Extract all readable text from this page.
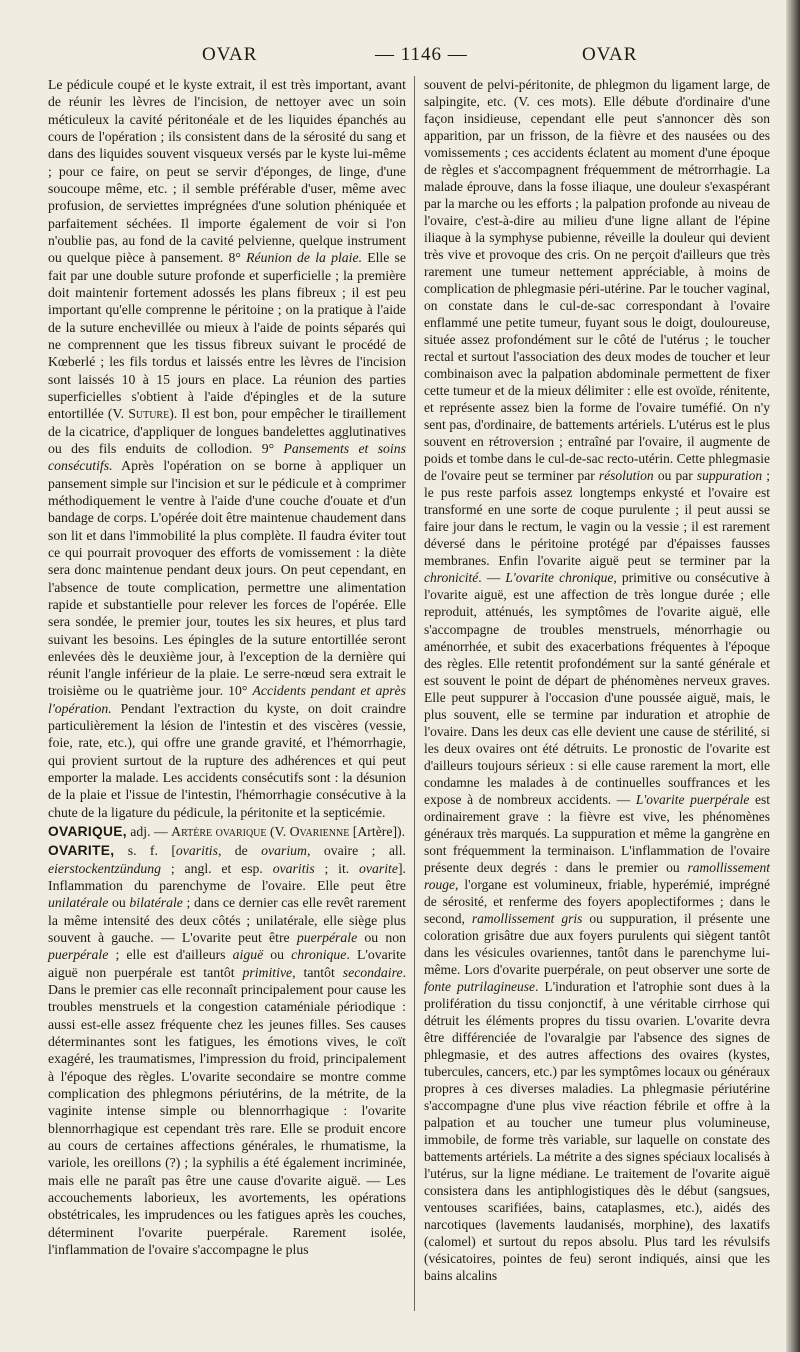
OVAR	— 1146 —	OVAR

Le pédicule coupé et le kyste extrait, il est très important, avant de réunir les lèvres de l'incision, de nettoyer avec un soin méticuleux la cavité péritonéale et de les liquides épanchés au cours de l'opération ; ils consistent dans de la sérosité du sang et dans des liquides souvent visqueux versés par le kyste lui-même ; pour ce faire, on peut se servir d'éponges, de linge, d'une soucoupe même, etc. ; il semble préférable d'user, même avec profusion, de serviettes imprégnées d'une solution phéniquée et parfaitement séchées. Il importe également de voir si l'on n'oublie pas, au fond de la cavité pelvienne, quelque instrument ou quelque pièce à pansement. 8° Réunion de la plaie. Elle se fait par une double suture profonde et superficielle ; la première doit maintenir fortement adossés les plans fibreux ; il est peu important qu'elle comprenne le péritoine ; on la pratique à l'aide de la suture enchevillée ou mieux à l'aide de points séparés qui ne comprennent que les tissus fibreux suivant le procédé de Kœberlé ; les fils tordus et laissés entre les lèvres de l'incision sont laissés 10 à 15 jours en place. La réunion des parties superficielles s'obtient à l'aide d'épingles et de la suture entortillée (V. Suture). Il est bon, pour empêcher le tiraillement de la cicatrice, d'appliquer de longues bandelettes agglutinatives ou des fils enduits de collodion. 9° Pansements et soins consécutifs. Après l'opération on se borne à appliquer un pansement simple sur l'incision et sur le pédicule et à comprimer méthodiquement le ventre à l'aide d'une couche d'ouate et d'un bandage de corps. L'opérée doit être maintenue chaudement dans son lit et dans l'immobilité la plus complète. Il faudra éviter tout ce qui pourrait provoquer des efforts de vomissement : la diète sera donc maintenue pendant deux jours. On peut cependant, en l'absence de toute complication, permettre une alimentation rapide et substantielle pour relever les forces de l'opérée. Elle sera sondée, le premier jour, toutes les six heures, et plus tard suivant les besoins. Les épingles de la suture entortillée seront enlevées dès le deuxième jour, à l'exception de la dernière qui réunit l'angle inférieur de la plaie. Le serre-nœud sera extrait le troisième ou le quatrième jour. 10° Accidents pendant et après l'opération. Pendant l'extraction du kyste, on doit craindre particulièrement la lésion de l'intestin et des viscères (vessie, foie, rate, etc.), qui offre une grande gravité, et l'hémorrhagie, qui provient surtout de la rupture des adhérences et qui peut emporter la malade. Les accidents consécutifs sont : la désunion de la plaie et l'issue de l'intestin, l'hémorrhagie consécutive à la chute de la ligature du pédicule, la péritonite et la septicémie.

OVARIQUE, adj. — Artère ovarique (V. Ovarienne [Artère]).

OVARITE, s. f. [ovaritis, de ovarium, ovaire ; all. eierstockentzündung ; angl. et esp. ovaritis ; it. ovarite]. Inflammation du parenchyme de l'ovaire. Elle peut être unilatérale ou bilatérale ; dans ce dernier cas elle revêt rarement la même intensité des deux côtés ; unilatérale, elle siège plus souvent à gauche. — L'ovarite peut être puerpérale ou non puerpérale ; elle est d'ailleurs aiguë ou chronique. L'ovarite aiguë non puerpérale est tantôt primitive, tantôt secondaire. Dans le premier cas elle reconnaît principalement pour cause les troubles menstruels et la congestion cataméniale périodique : aussi est-elle assez fréquente chez les jeunes filles. Ses causes déterminantes sont les fatigues, les émotions vives, le coït exagéré, les traumatismes, l'impression du froid, principalement à l'époque des règles. L'ovarite secondaire se montre comme complication des phlegmons périutérins, de la métrite, de la vaginite intense simple ou blennorrhagique : l'ovarite blennorrhagique est cependant très rare. Elle se produit encore au cours de certaines affections générales, le rhumatisme, la variole, les oreillons (?) ; la syphilis a été également incriminée, mais elle ne paraît pas être une cause d'ovarite aiguë. — Les accouchements laborieux, les avortements, les opérations obstétricales, les imprudences ou les fatigues après les couches, déterminent l'ovarite puerpérale. Rarement isolée, l'inflammation de l'ovaire s'accompagne le plus

souvent de pelvi-péritonite, de phlegmon du ligament large, de salpingite, etc. (V. ces mots). Elle débute d'ordinaire d'une façon insidieuse, cependant elle peut s'annoncer dès son apparition, par un frisson, de la fièvre et des nausées ou des vomissements ; ces accidents éclatent au moment d'une époque de règles et s'accompagnent fréquemment de métrorrhagie. La malade éprouve, dans la fosse iliaque, une douleur s'exaspérant par la marche ou les efforts ; la palpation profonde au niveau de l'ovaire, c'est-à-dire au milieu d'une ligne allant de l'épine iliaque à la symphyse pubienne, réveille la douleur qui devient très vive et provoque des cris. On ne perçoit d'ailleurs que très rarement une tumeur nettement appréciable, à moins de complication de phlegmasie péri-utérine. Par le toucher vaginal, on constate dans le cul-de-sac correspondant à l'ovaire enflammé une petite tumeur, fuyant sous le doigt, douloureuse, située assez profondément sur le côté de l'utérus ; le toucher rectal et surtout l'association des deux modes de toucher et leur combinaison avec la palpation abdominale permettent de fixer cette tumeur et de la mieux délimiter : elle est ovoïde, rénitente, et représente assez bien la forme de l'ovaire tuméfié. On n'y sent pas, d'ordinaire, de battements artériels. L'utérus est le plus souvent en rétroversion ; entraîné par l'ovaire, il augmente de poids et tombe dans le cul-de-sac recto-utérin. Cette phlegmasie de l'ovaire peut se terminer par résolution ou par suppuration ; le pus reste parfois assez longtemps enkysté et l'ovaire est transformé en une sorte de coque purulente ; il peut aussi se faire jour dans le rectum, le vagin ou la vessie ; il est rarement déversé dans le péritoine protégé par d'épaisses fausses membranes. Enfin l'ovarite aiguë peut se terminer par la chronicité. — L'ovarite chronique, primitive ou consécutive à l'ovarite aiguë, est une affection de très longue durée ; elle reproduit, atténués, les symptômes de l'ovarite aiguë, elle s'accompagne de troubles menstruels, ménorrhagie ou aménorrhée, et subit des exacerbations fréquentes à l'époque des règles. Elle retentit profondément sur la santé générale et est souvent le point de départ de phénomènes nerveux graves. Elle peut suppurer à l'occasion d'une poussée aiguë, mais, le plus souvent, elle se termine par induration et atrophie de l'ovaire. Dans les deux cas elle devient une cause de stérilité, si les deux ovaires ont été détruits. Le pronostic de l'ovarite est d'ailleurs toujours sérieux : si elle cause rarement la mort, elle condamne les malades à de continuelles souffrances et les expose à de nombreux accidents. — L'ovarite puerpérale est ordinairement grave : la fièvre est vive, les phénomènes généraux très marqués. La suppuration et même la gangrène en sont fréquemment la terminaison. L'inflammation de l'ovaire présente deux degrés : dans le premier ou ramollissement rouge, l'organe est volumineux, friable, hyperémié, imprégné de sérosité, et renferme des foyers apoplectiformes ; dans le second, ramollissement gris ou suppuration, il présente une coloration grisâtre due aux foyers purulents qui siègent tantôt dans les vésicules ovariennes, tantôt dans le parenchyme lui-même. Lors d'ovarite puerpérale, on peut observer une sorte de fonte putrilagineuse. L'induration et l'atrophie sont dues à la prolifération du tissu conjonctif, à une véritable cirrhose qui détruit les éléments propres du tissu ovarien. L'ovarite devra être différenciée de l'ovaralgie par l'absence des signes de phlegmasie, et des autres affections des ovaires (kystes, tubercules, cancers, etc.) par les symptômes locaux ou généraux propres à ces diverses maladies. La phlegmasie périutérine s'accompagne d'une plus vive réaction fébrile et offre à la palpation et au toucher une tumeur plus volumineuse, immobile, de forme très variable, sur laquelle on constate des battements artériels. La métrite a des signes spéciaux localisés à l'utérus, sur la ligne médiane. Le traitement de l'ovarite aiguë consistera dans les antiphlogistiques dès le début (sangsues, ventouses scarifiées, bains, cataplasmes, etc.), aidés des narcotiques (lavements laudanisés, morphine), des laxatifs (calomel) et surtout du repos absolu. Plus tard les révulsifs (vésicatoires, pointes de feu) seront indiqués, ainsi que les bains alcalins
